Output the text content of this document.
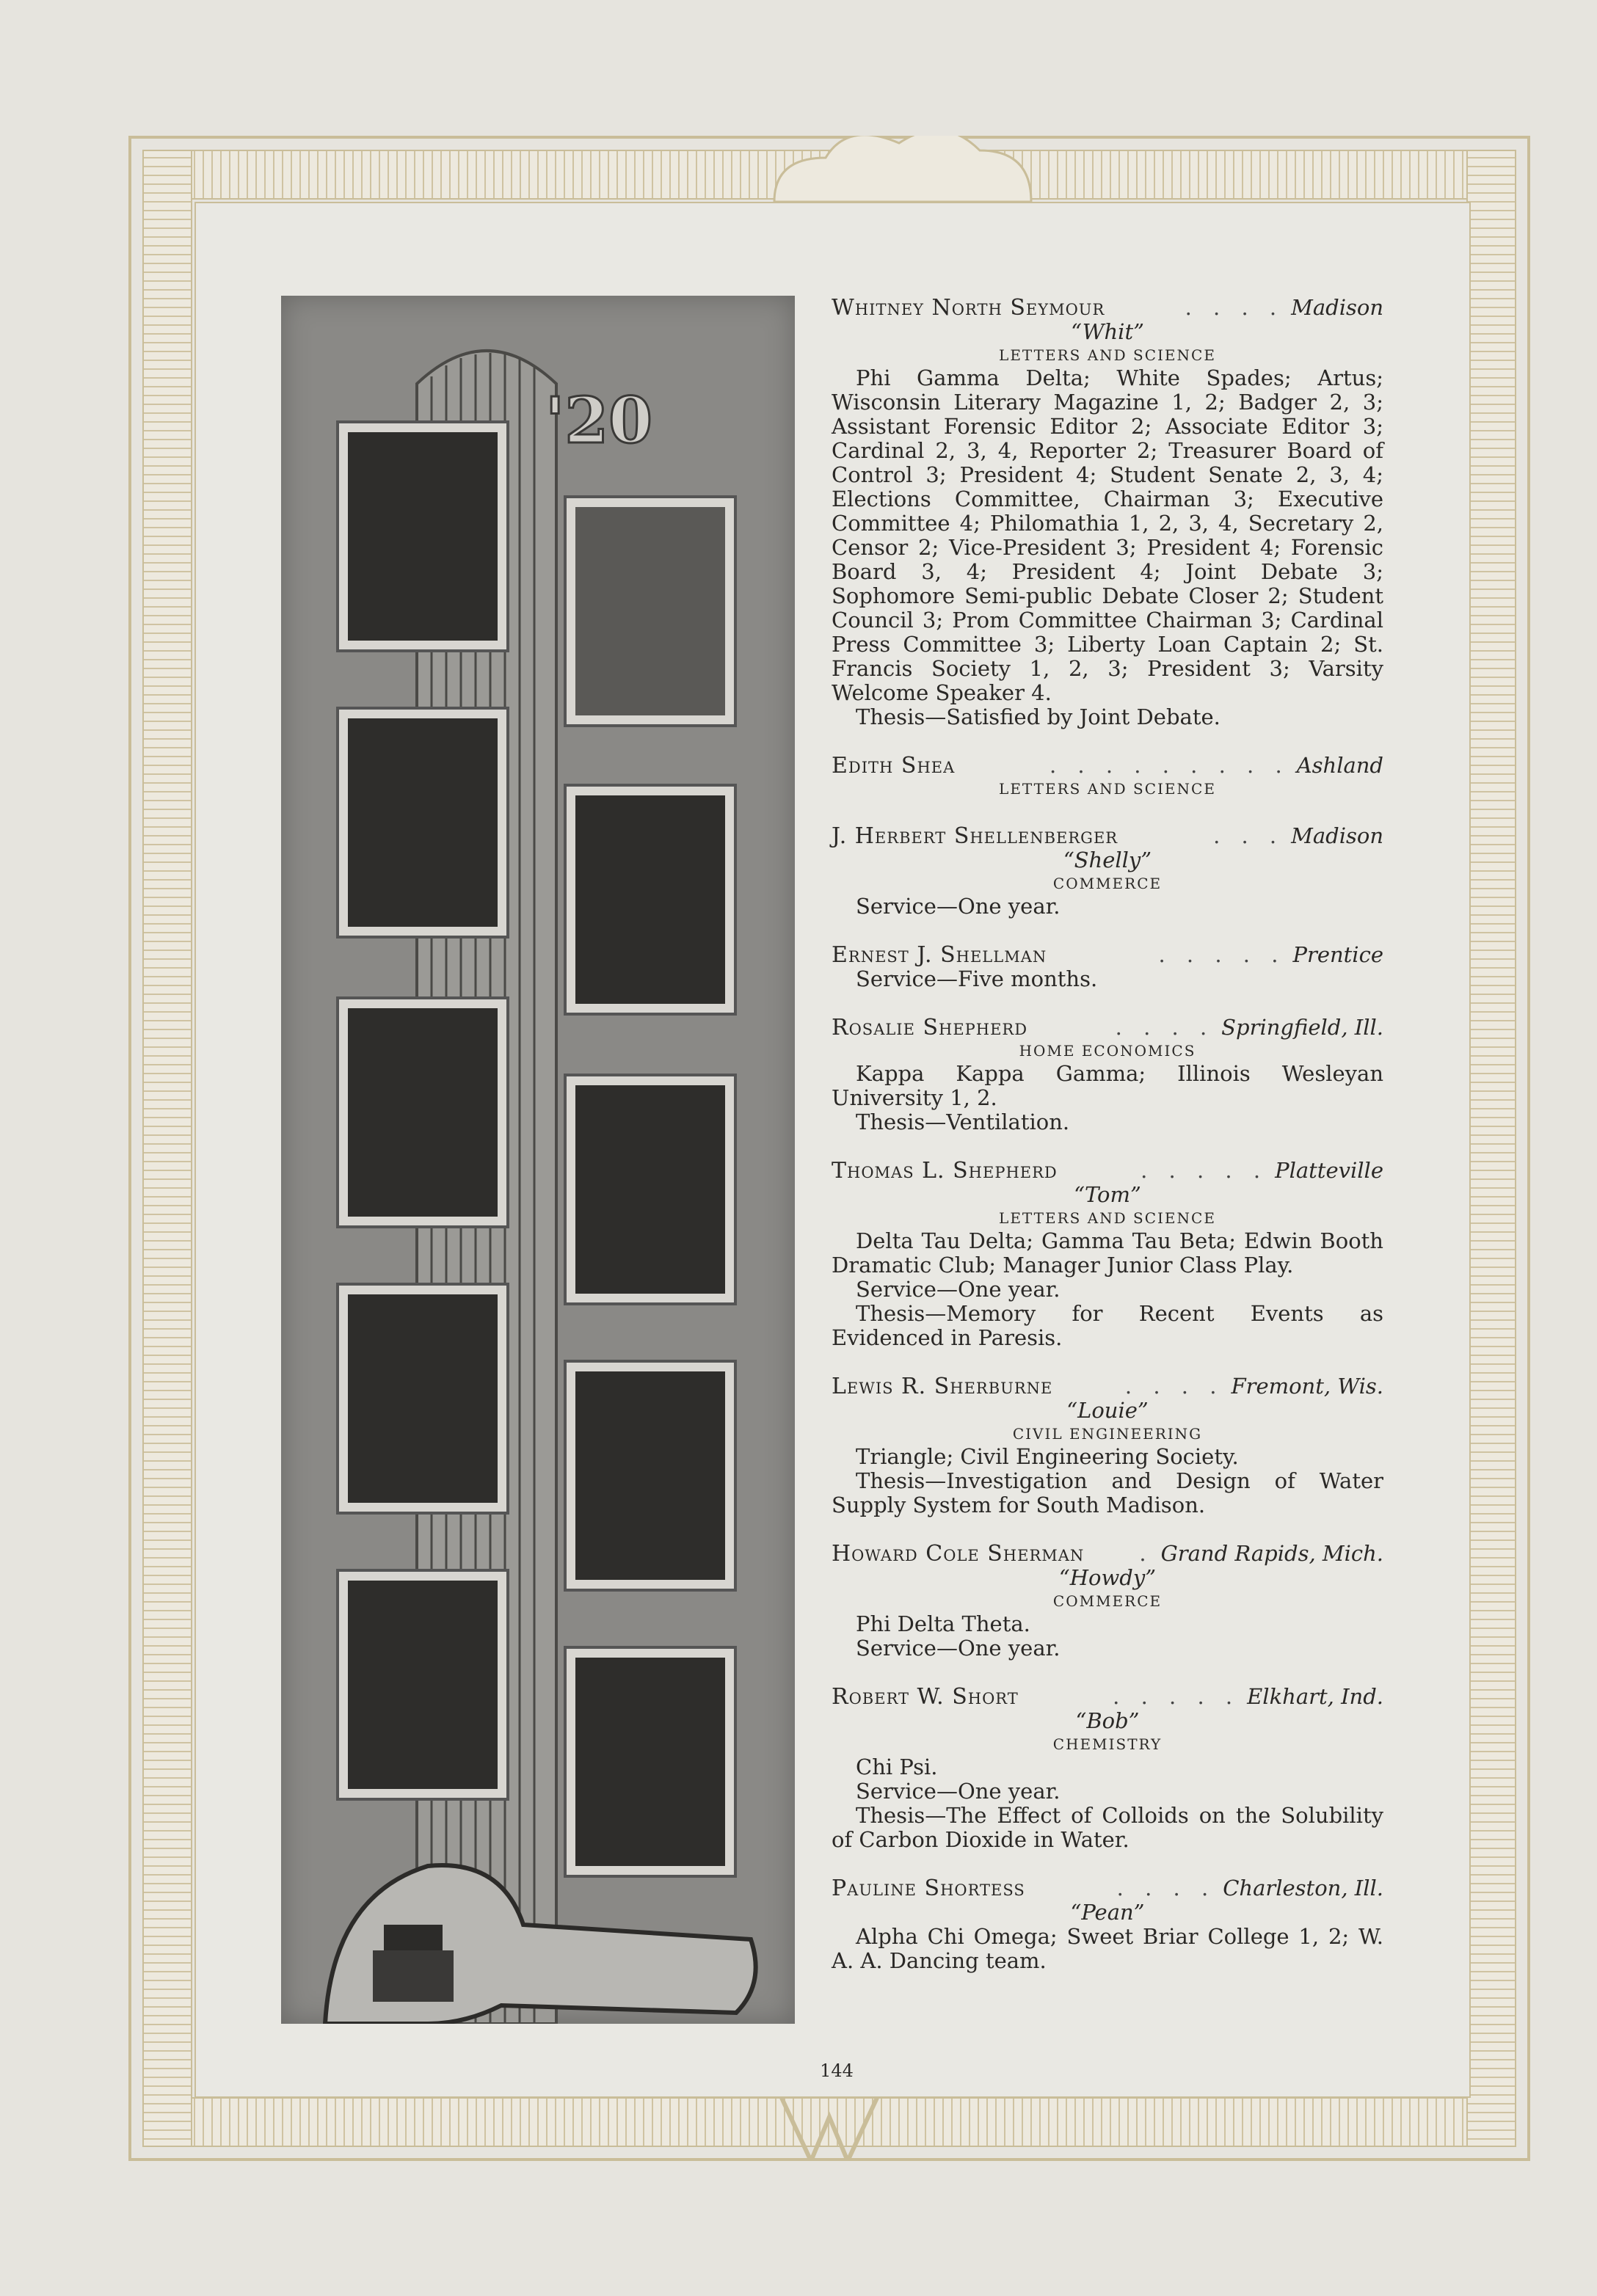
'20
Whitney North Seymour	. . . . Madison
“Whit”
LETTERS AND SCIENCE
Phi Gamma Delta; White Spades; Artus; Wisconsin Literary Magazine 1, 2; Badger 2, 3; Assistant Forensic Editor 2; Associate Editor 3; Cardinal 2, 3, 4, Reporter 2; Treasurer Board of Control 3; President 4; Student Senate 2, 3, 4; Elections Committee, Chairman 3; Executive Committee 4; Philomathia 1, 2, 3, 4, Secretary 2, Censor 2; Vice-President 3; President 4; Forensic Board 3, 4; President 4; Joint Debate 3; Sophomore Semi-public Debate Closer 2; Student Council 3; Prom Committee Chairman 3; Cardinal Press Committee 3; Liberty Loan Captain 2; St. Francis Society 1, 2, 3; President 3; Varsity Welcome Speaker 4.
Thesis—Satisfied by Joint Debate.
Edith Shea	. . . . . . . . . Ashland
LETTERS AND SCIENCE
J. Herbert Shellenberger	. . . Madison
“Shelly”
COMMERCE
Service—One year.
Ernest J. Shellman	. . . . . Prentice
Service—Five months.
Rosalie Shepherd	. . . . Springfield, Ill.
HOME ECONOMICS
Kappa Kappa Gamma; Illinois Wesleyan University 1, 2.
Thesis—Ventilation.
Thomas L. Shepherd	. . . . . Platteville
“Tom”
LETTERS AND SCIENCE
Delta Tau Delta; Gamma Tau Beta; Edwin Booth Dramatic Club; Manager Junior Class Play.
Service—One year.
Thesis—Memory for Recent Events as Evidenced in Paresis.
Lewis R. Sherburne	. . . . Fremont, Wis.
“Louie”
CIVIL ENGINEERING
Triangle; Civil Engineering Society.
Thesis—Investigation and Design of Water Supply System for South Madison.
Howard Cole Sherman	. Grand Rapids, Mich.
“Howdy”
COMMERCE
Phi Delta Theta.
Service—One year.
Robert W. Short	. . . . . Elkhart, Ind.
“Bob”
CHEMISTRY
Chi Psi.
Service—One year.
Thesis—The Effect of Colloids on the Solubility of Carbon Dioxide in Water.
Pauline Shortess	. . . . Charleston, Ill.
“Pean”
Alpha Chi Omega; Sweet Briar College 1, 2; W. A. A. Dancing team.
144
